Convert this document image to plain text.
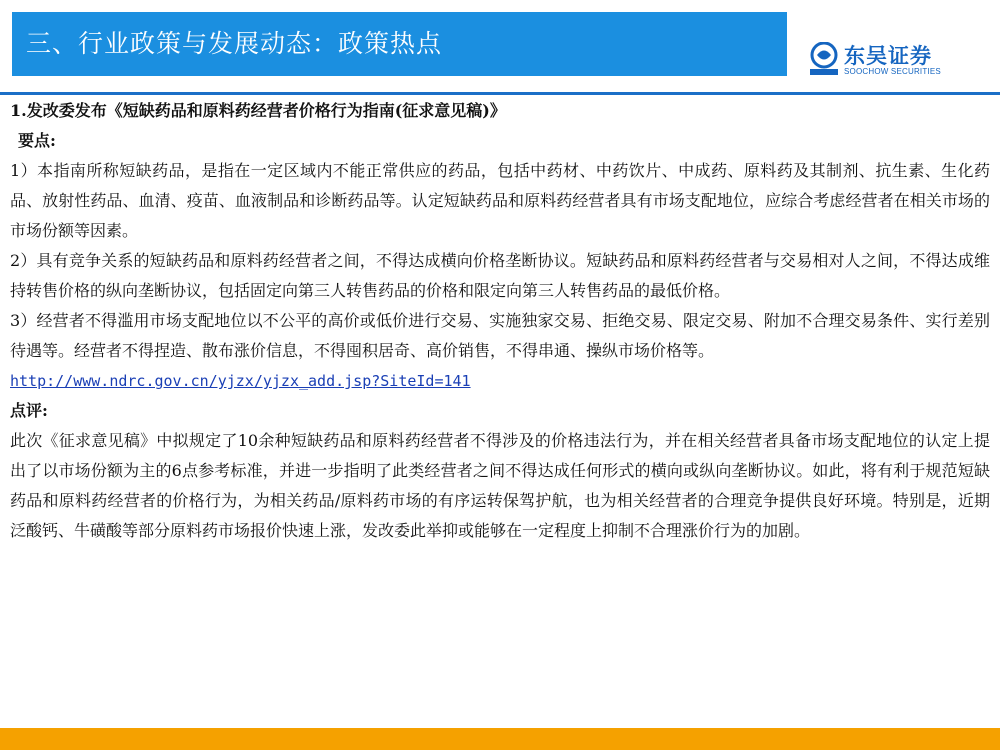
三、行业政策与发展动态：政策热点	东吴证券
SOOCHOW SECURITIES

1.发改委发布《短缺药品和原料药经营者价格行为指南(征求意见稿)》

要点:

1）本指南所称短缺药品，是指在一定区域内不能正常供应的药品，包括中药材、中药饮片、中成药、原料药及其制剂、抗生素、生化药品、放射性药品、血清、疫苗、血液制品和诊断药品等。认定短缺药品和原料药经营者具有市场支配地位，应综合考虑经营者在相关市场的市场份额等因素。

2）具有竞争关系的短缺药品和原料药经营者之间，不得达成横向价格垄断协议。短缺药品和原料药经营者与交易相对人之间，不得达成维持转售价格的纵向垄断协议，包括固定向第三人转售药品的价格和限定向第三人转售药品的最低价格。

3）经营者不得滥用市场支配地位以不公平的高价或低价进行交易、实施独家交易、拒绝交易、限定交易、附加不合理交易条件、实行差别待遇等。经营者不得捏造、散布涨价信息，不得囤积居奇、高价销售，不得串通、操纵市场价格等。

http://www.ndrc.gov.cn/yjzx/yjzx_add.jsp?SiteId=141

点评:

此次《征求意见稿》中拟规定了10余种短缺药品和原料药经营者不得涉及的价格违法行为，并在相关经营者具备市场支配地位的认定上提出了以市场份额为主的6点参考标准，并进一步指明了此类经营者之间不得达成任何形式的横向或纵向垄断协议。如此，将有利于规范短缺药品和原料药经营者的价格行为，为相关药品/原料药市场的有序运转保驾护航，也为相关经营者的合理竞争提供良好环境。特别是，近期泛酸钙、牛磺酸等部分原料药市场报价快速上涨，发改委此举抑或能够在一定程度上抑制不合理涨价行为的加剧。
